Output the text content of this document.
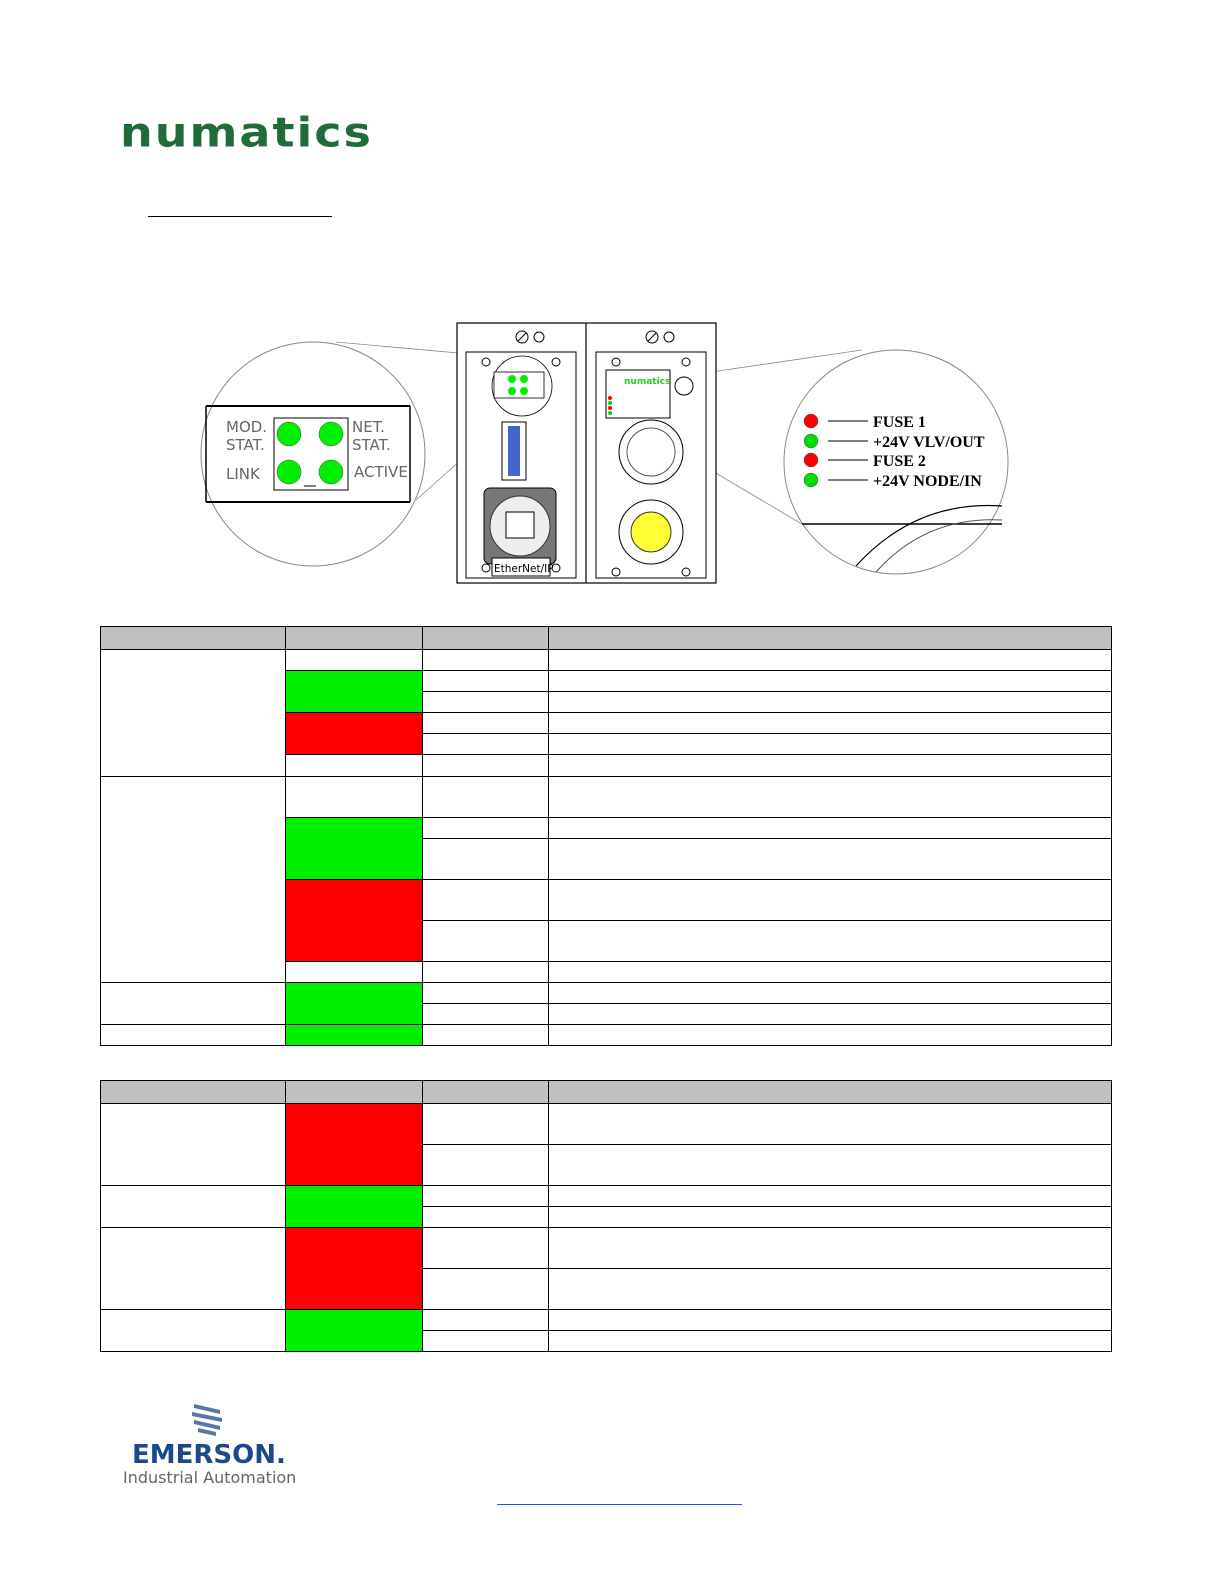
numatics
MOD.
STAT.
NET.
STAT.
LINK	ACTIVE
EtherNet/IP
numatics
FUSE 1
+24V VLV/OUT
FUSE 2
+24V NODE/IN

EMERSON.
Industrial Automation
